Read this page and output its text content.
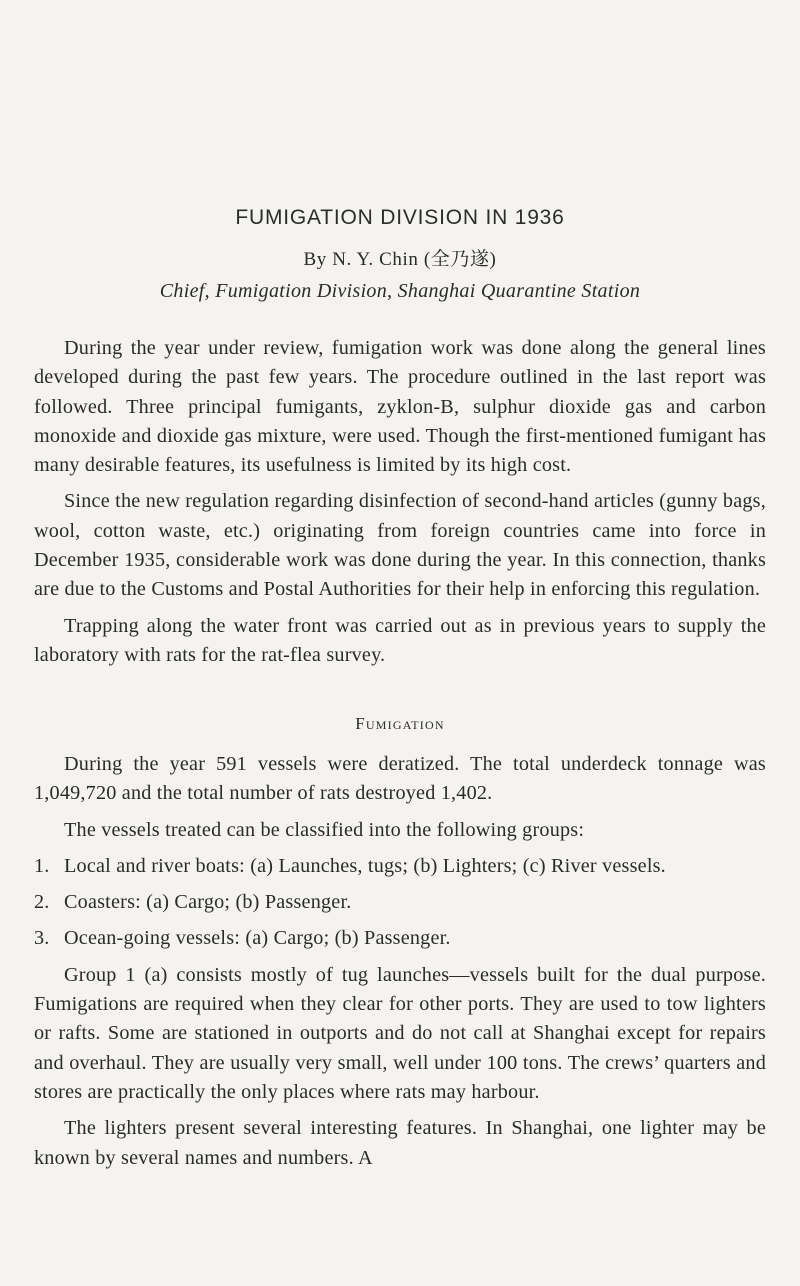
FUMIGATION DIVISION IN 1936
By N. Y. Chin (全乃遂)
Chief, Fumigation Division, Shanghai Quarantine Station

During the year under review, fumigation work was done along the general lines developed during the past few years. The procedure outlined in the last report was followed. Three principal fumigants, zyklon-B, sulphur dioxide gas and carbon monoxide and dioxide gas mixture, were used. Though the first-mentioned fumigant has many desirable features, its usefulness is limited by its high cost.

Since the new regulation regarding disinfection of second-hand articles (gunny bags, wool, cotton waste, etc.) originating from foreign countries came into force in December 1935, considerable work was done during the year. In this connection, thanks are due to the Customs and Postal Authorities for their help in enforcing this regulation.

Trapping along the water front was carried out as in previous years to supply the laboratory with rats for the rat-flea survey.

Fumigation

During the year 591 vessels were deratized. The total underdeck tonnage was 1,049,720 and the total number of rats destroyed 1,402.

The vessels treated can be classified into the following groups:

1. Local and river boats: (a) Launches, tugs; (b) Lighters; (c) River vessels.
2. Coasters: (a) Cargo; (b) Passenger.
3. Ocean-going vessels: (a) Cargo; (b) Passenger.

Group 1 (a) consists mostly of tug launches—vessels built for the dual purpose. Fumigations are required when they clear for other ports. They are used to tow lighters or rafts. Some are stationed in outports and do not call at Shanghai except for repairs and overhaul. They are usually very small, well under 100 tons. The crews’ quarters and stores are practically the only places where rats may harbour.

The lighters present several interesting features. In Shanghai, one lighter may be known by several names and numbers. A
